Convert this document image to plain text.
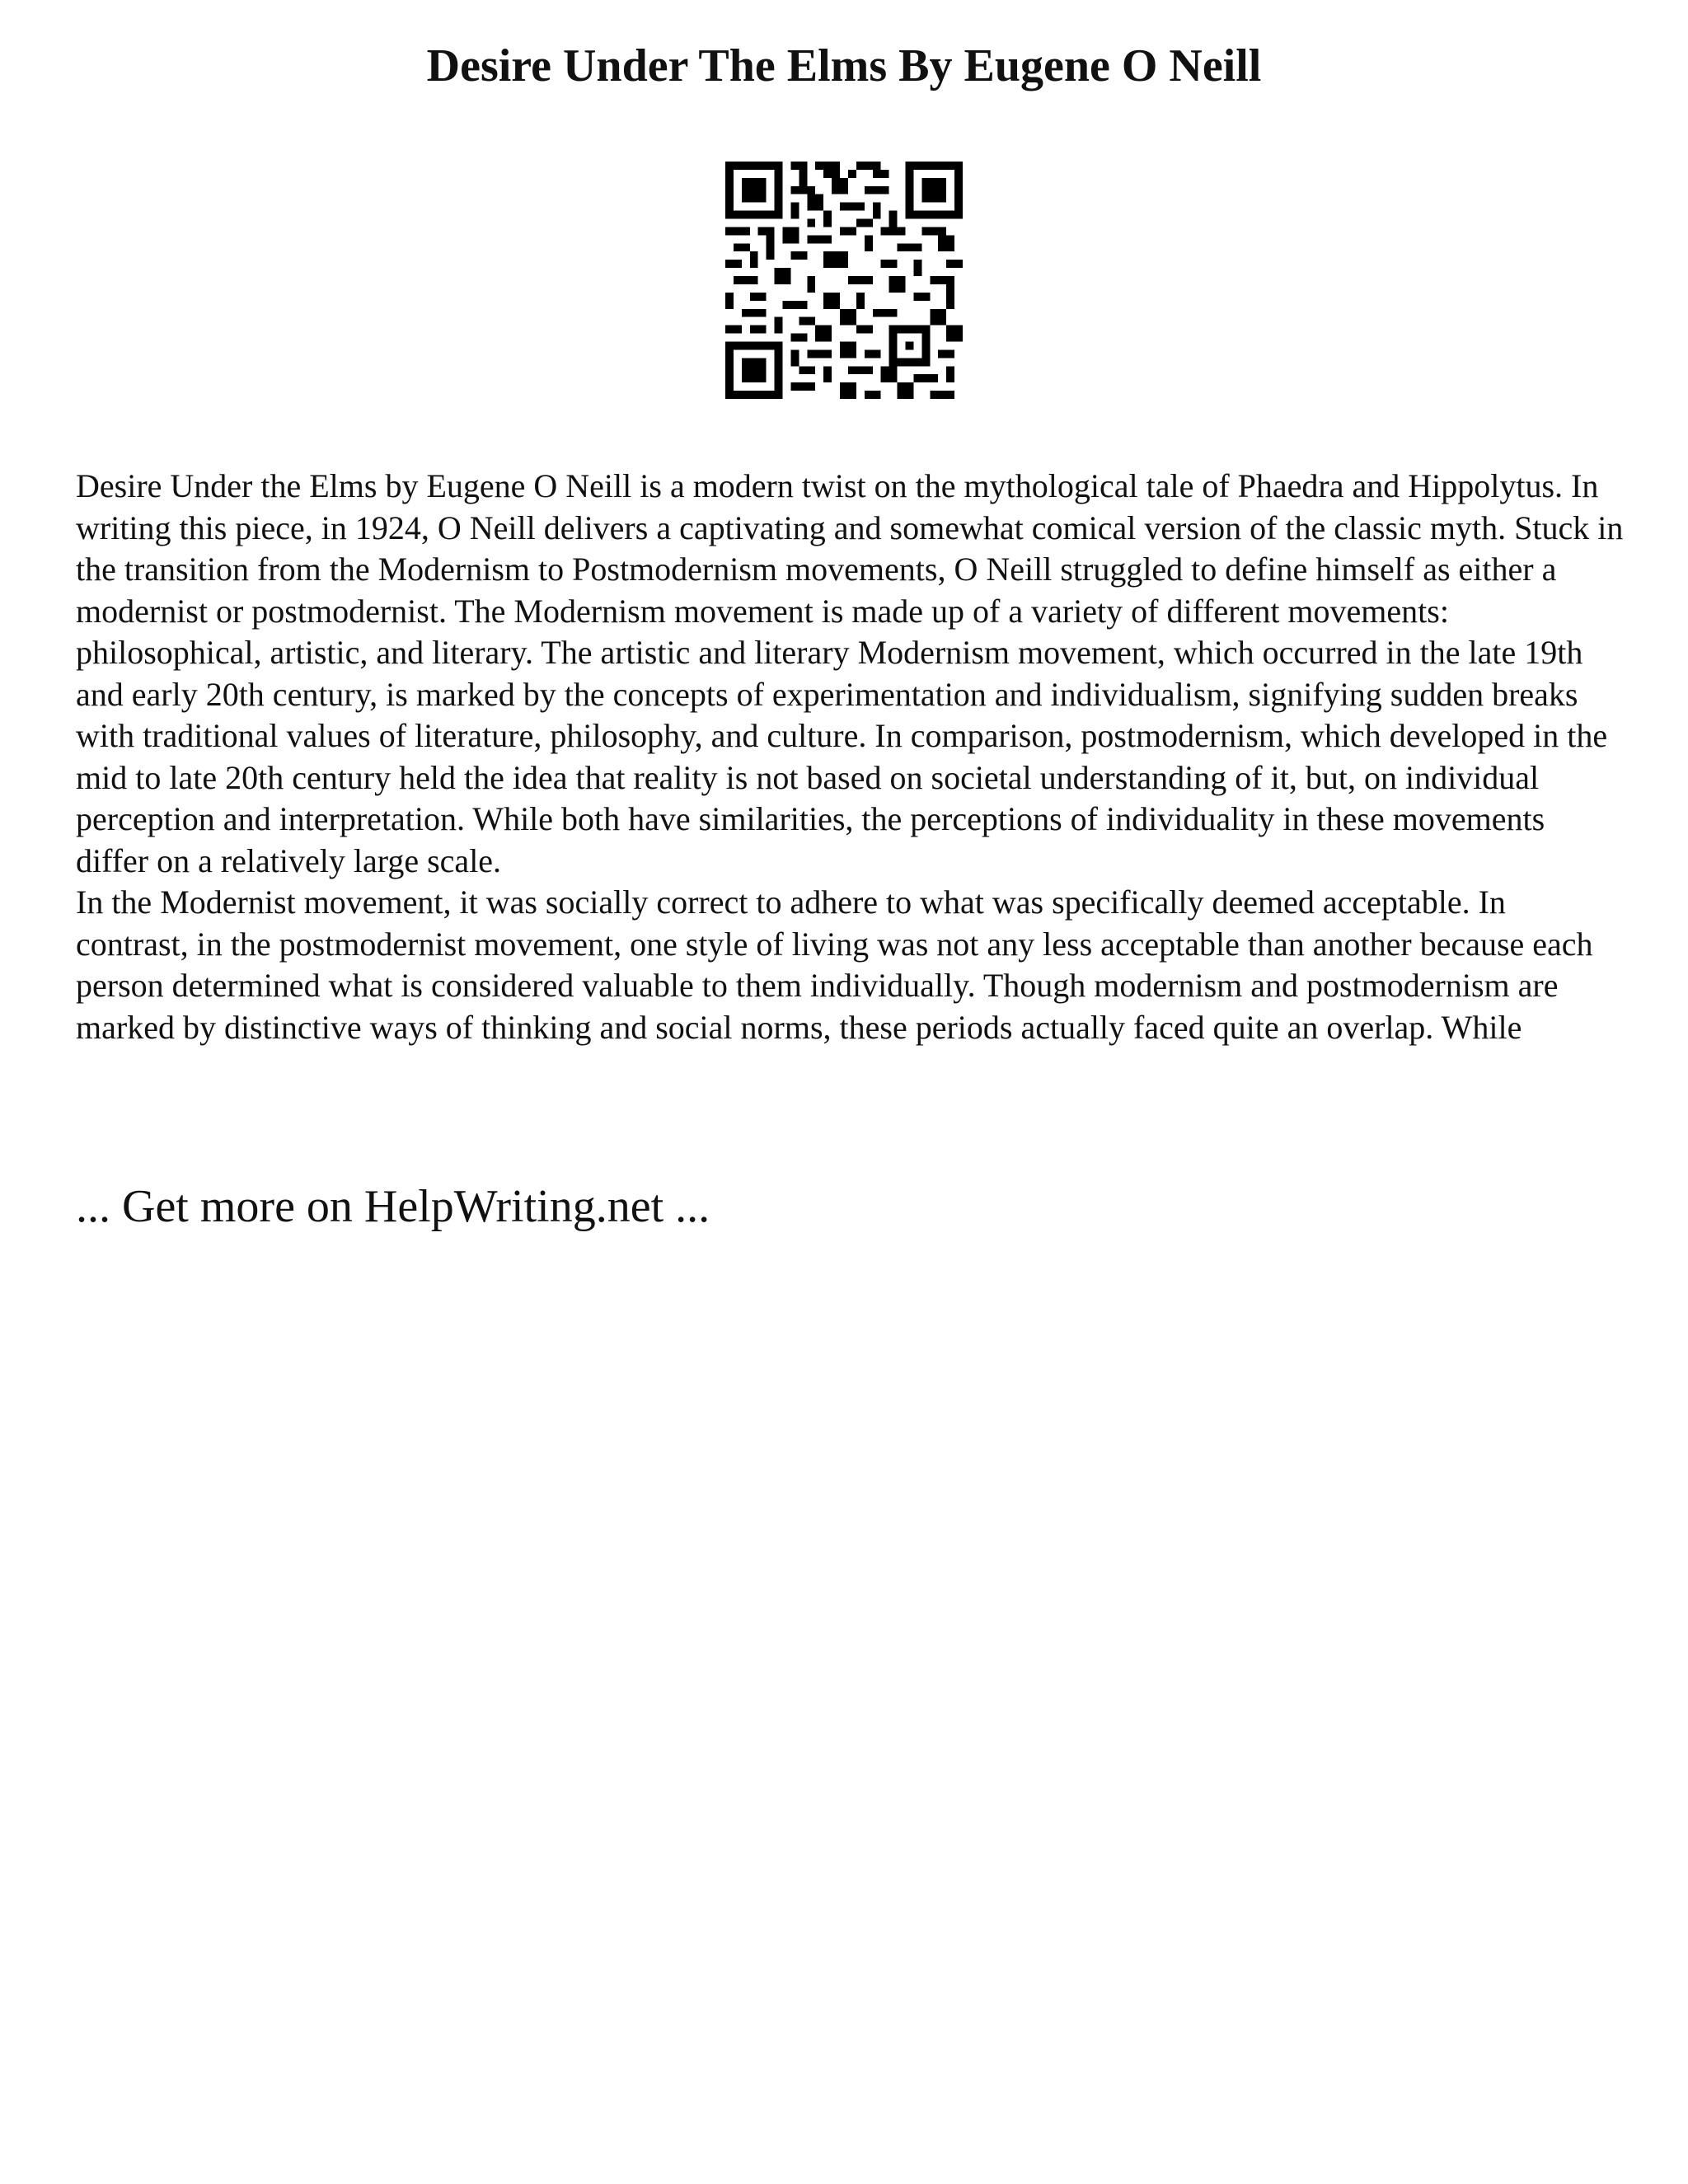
Desire Under The Elms By Eugene O Neill

Desire Under the Elms by Eugene O Neill is a modern twist on the mythological tale of Phaedra and Hippolytus. In writing this piece, in 1924, O Neill delivers a captivating and somewhat comical version of the classic myth. Stuck in the transition from the Modernism to Postmodernism movements, O Neill struggled to define himself as either a modernist or postmodernist. The Modernism movement is made up of a variety of different movements: philosophical, artistic, and literary. The artistic and literary Modernism movement, which occurred in the late 19th and early 20th century, is marked by the concepts of experimentation and individualism, signifying sudden breaks with traditional values of literature, philosophy, and culture. In comparison, postmodernism, which developed in the mid to late 20th century held the idea that reality is not based on societal understanding of it, but, on individual perception and interpretation. While both have similarities, the perceptions of individuality in these movements differ on a relatively large scale.

In the Modernist movement, it was socially correct to adhere to what was specifically deemed acceptable. In contrast, in the postmodernist movement, one style of living was not any less acceptable than another because each person determined what is considered valuable to them individually. Though modernism and postmodernism are marked by distinctive ways of thinking and social norms, these periods actually faced quite an overlap. While

... Get more on HelpWriting.net ...
